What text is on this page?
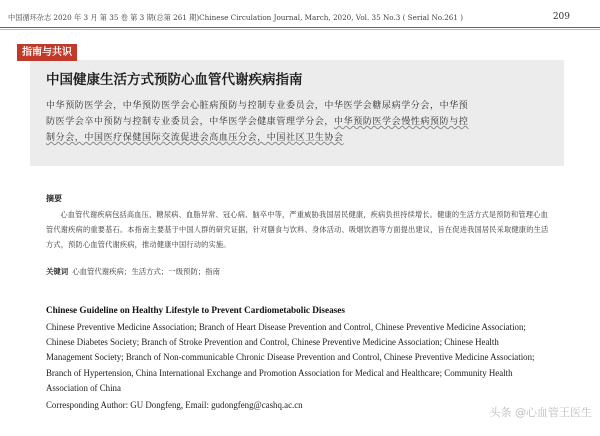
中国循环杂志 2020 年 3 月 第 35 卷 第 3 期(总第 261 期)Chinese Circulation Journal, March, 2020, Vol. 35 No.3 ( Serial No.261 )	209
指南与共识
中国健康生活方式预防心血管代谢疾病指南
中华预防医学会，中华预防医学会心脏病预防与控制专业委员会，中华医学会糖尿病学分会，中华预
防医学会卒中预防与控制专业委员会，中华医学会健康管理学分会，中华预防医学会慢性病预防与控
制分会，中国医疗保健国际交流促进会高血压分会，中国社区卫生协会
摘要
心血管代谢疾病包括高血压、糖尿病、血脂异常、冠心病、脑卒中等，严重威胁我国居民健康，疾病负担持续增长。健康的生活方式是预防和管理心血管代谢疾病的重要基石。本指南主要基于中国人群的研究证据，针对膳食与饮料、身体活动、吸烟饮酒等方面提出建议，旨在促进我国居民采取健康的生活方式，预防心血管代谢疾病，推动健康中国行动的实施。
关键词 心血管代谢疾病；生活方式；一级预防；指南
Chinese Guideline on Healthy Lifestyle to Prevent Cardiometabolic Diseases
Chinese Preventive Medicine Association; Branch of Heart Disease Prevention and Control, Chinese Preventive Medicine Association; Chinese Diabetes Society; Branch of Stroke Prevention and Control, Chinese Preventive Medicine Association; Chinese Health Management Society; Branch of Non-communicable Chronic Disease Prevention and Control, Chinese Preventive Medicine Association; Branch of Hypertension, China International Exchange and Promotion Association for Medical and Healthcare; Community Health Association of China
Corresponding Author: GU Dongfeng, Email: gudongfeng@cashq.ac.cn
头条 @心血管王医生
